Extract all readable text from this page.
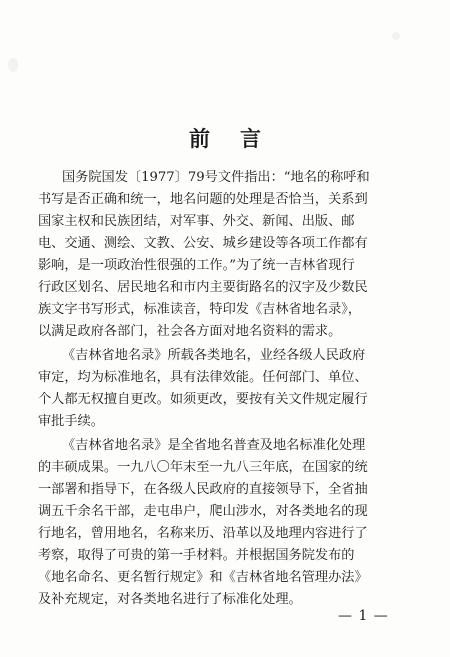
前言
国务院国发〔1977〕79号文件指出：“地名的称呼和
书写是否正确和统一，地名问题的处理是否恰当，关系到
国家主权和民族团结，对军事、外交、新闻、出版、邮
电、交通、测绘、文教、公安、城乡建设等各项工作都有
影响，是一项政治性很强的工作。”为了统一吉林省现行
行政区划名、居民地名和市内主要街路名的汉字及少数民
族文字书写形式，标准读音，特印发《吉林省地名录》，
以满足政府各部门，社会各方面对地名资料的需求。
《吉林省地名录》所载各类地名，业经各级人民政府
审定，均为标准地名，具有法律效能。任何部门、单位、
个人都无权擅自更改。如须更改，要按有关文件规定履行
审批手续。
《吉林省地名录》是全省地名普查及地名标准化处理
的丰硕成果。一九八〇年末至一九八三年底，在国家的统
一部署和指导下，在各级人民政府的直接领导下，全省抽
调五千余名干部，走屯串户，爬山涉水，对各类地名的现
行地名，曾用地名，名称来历、沿革以及地理内容进行了
考察，取得了可贵的第一手材料。并根据国务院发布的
《地名命名、更名暂行规定》和《吉林省地名管理办法》
及补充规定，对各类地名进行了标准化处理。
— 1 —
